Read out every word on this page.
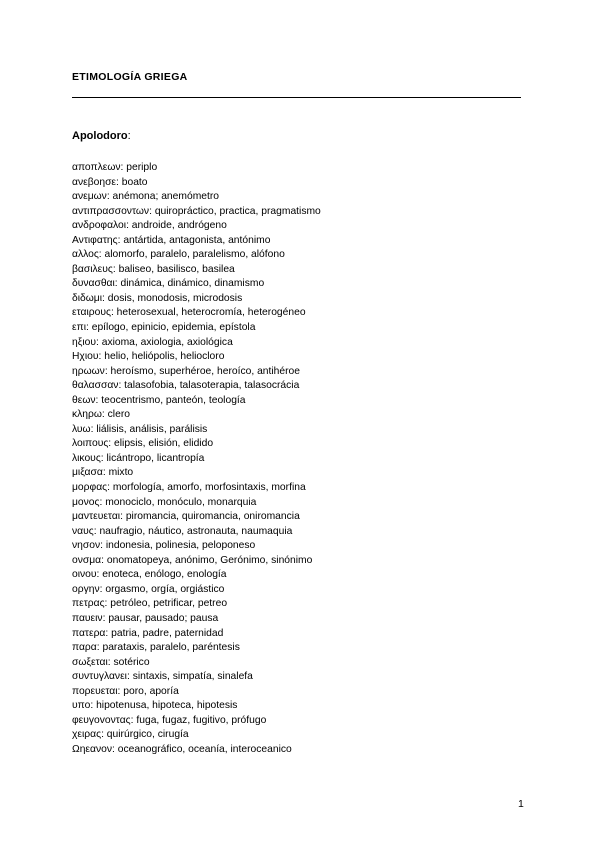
ETIMOLOGÍA GRIEGA
Apolodoro:
αποπλεων: periplo
ανεβοησε: boato
ανεμων: anémona; anemómetro
αντιπρασσοντων: quiropráctico, practica, pragmatismo
ανδροφαλοι: androide, andrógeno
Αντιφατης: antártida, antagonista, antónimo
αλλος: alomorfo, paralelo, paralelismo, alófono
βασιλευς: baliseo, basilisco, basilea
δυνασθαι: dinámica, dinámico, dinamismo
διδωμι: dosis, monodosis, microdosis
εταιρους: heterosexual, heterocromía, heterogéneo
επι: epílogo, epinicio, epidemia, epístola
ηξιου: axioma, axiologia, axiológica
Ηχιου: helio, heliópolis, heliocloro
ηρωων: heroísmo, superhéroe, heroíco, antihéroe
θαλασσαν: talasofobia, talasoterapia, talasocrácia
θεων: teocentrismo, panteón, teología
κληρω: clero
λυω: liálisis, análisis, parálisis
λοιπους: elipsis, elisión, elidido
λικους: licántropo, licantropía
μιξασα: mixto
μορφας: morfología, amorfo, morfosintaxis, morfina
μονος: monociclo, monóculo, monarquia
μαντευεται: piromancia, quiromancia, oniromancia
ναυς: naufragio, náutico, astronauta, naumaquia
νησον: indonesia, polinesia, peloponeso
ονσμα: onomatopeya, anónimo, Gerónimo, sinónimo
οινου: enoteca, enólogo, enología
οργην: orgasmo, orgía, orgiástico
πετρας: petróleo, petrificar, petreo
παυειν: pausar, pausado; pausa
πατερα: patria, padre, paternidad
παρα: parataxis, paralelo, paréntesis
σωξεται: sotérico
συντυγλανει: sintaxis, simpatía, sinalefa
πορευεται: poro, aporía
υπο: hipotenusa, hipoteca, hipotesis
φευγοvοντας: fuga, fugaz, fugitivo, prófugo
χειρας: quirúrgico, cirugía
Ωηεανον: oceanográfico, oceanía, interoceanico
1
